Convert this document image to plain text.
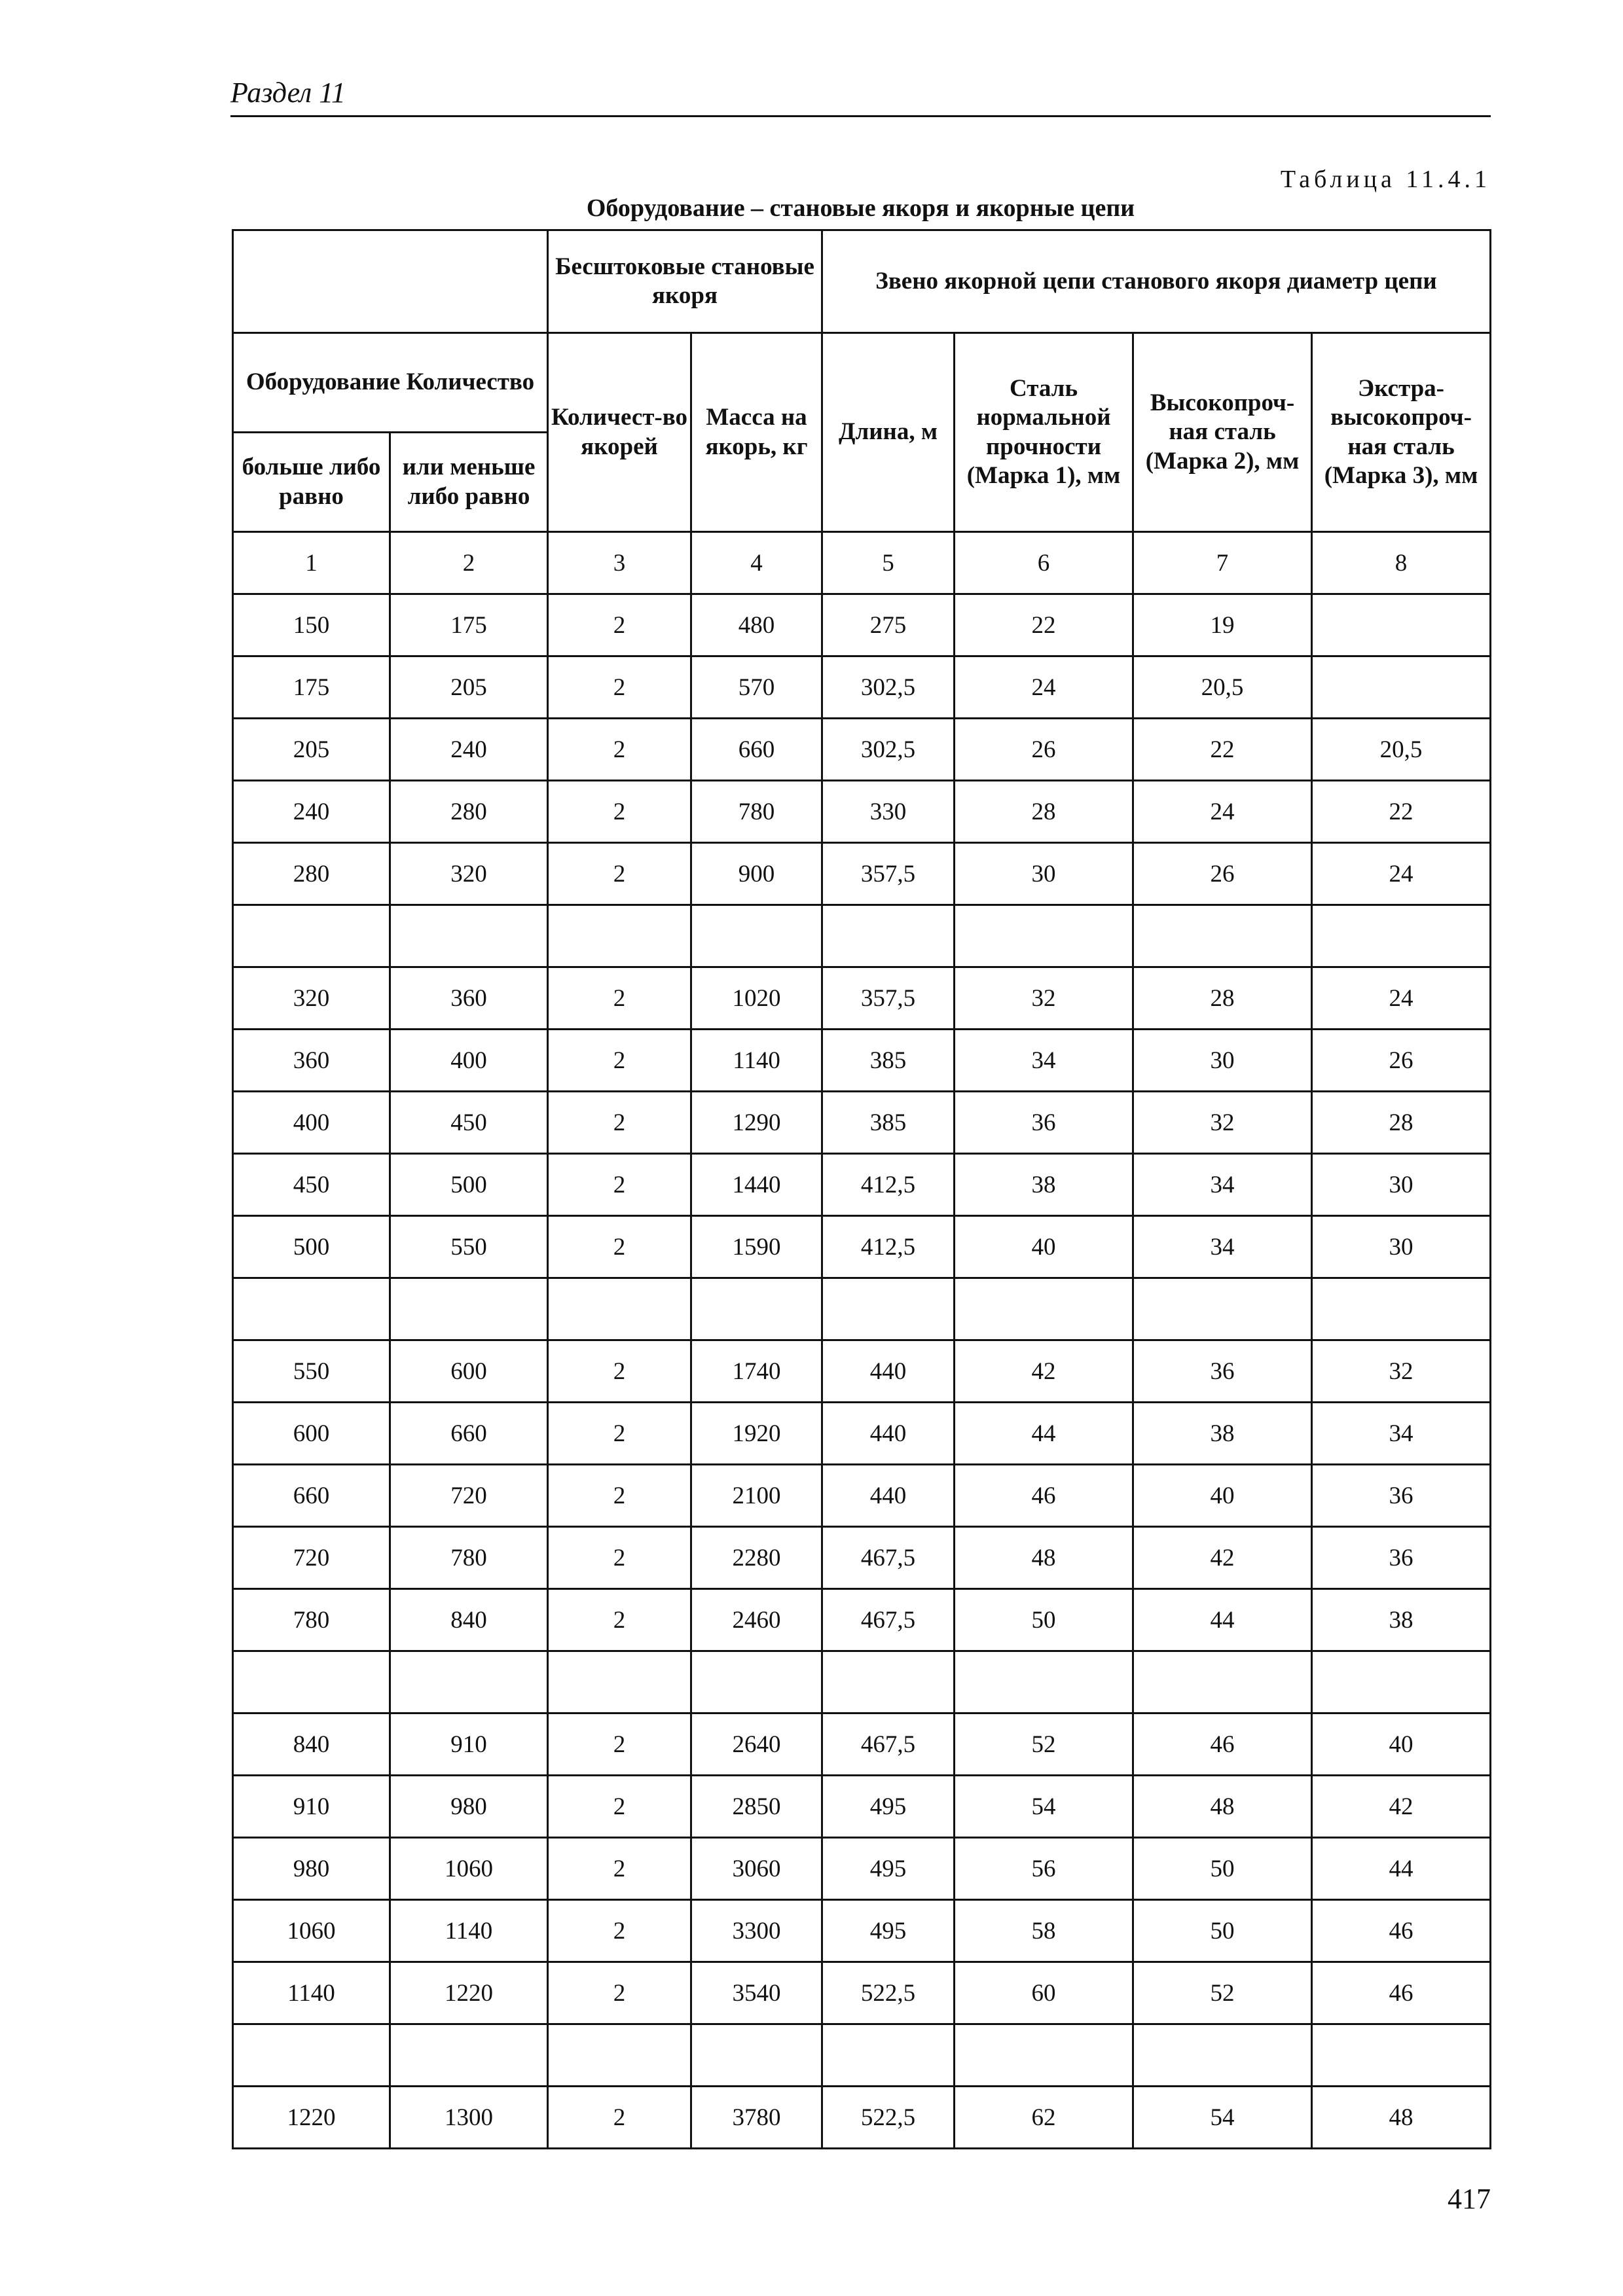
Раздел 11
Таблица 11.4.1
Оборудование – становые якоря и якорные цепи
		Бесштоковые становые якоря		Звено якорной цепи станового якоря диаметр цепи			
Оборудование Количество		Количест-во якорей	Масса на якорь, кг	Длина, м	Сталь нормальной прочности (Марка 1), мм	Высокопроч-ная сталь (Марка 2), мм	Экстра-высокопроч-ная сталь (Марка 3), мм
больше либо равно	или меньше либо равно						
1	2	3	4	5	6	7	8
150	175	2	480	275	22	19	
175	205	2	570	302,5	24	20,5	
205	240	2	660	302,5	26	22	20,5
240	280	2	780	330	28	24	22
280	320	2	900	357,5	30	26	24

320	360	2	1020	357,5	32	28	24
360	400	2	1140	385	34	30	26
400	450	2	1290	385	36	32	28
450	500	2	1440	412,5	38	34	30
500	550	2	1590	412,5	40	34	30

550	600	2	1740	440	42	36	32
600	660	2	1920	440	44	38	34
660	720	2	2100	440	46	40	36
720	780	2	2280	467,5	48	42	36
780	840	2	2460	467,5	50	44	38

840	910	2	2640	467,5	52	46	40
910	980	2	2850	495	54	48	42
980	1060	2	3060	495	56	50	44
1060	1140	2	3300	495	58	50	46
1140	1220	2	3540	522,5	60	52	46

1220	1300	2	3780	522,5	62	54	48
417
